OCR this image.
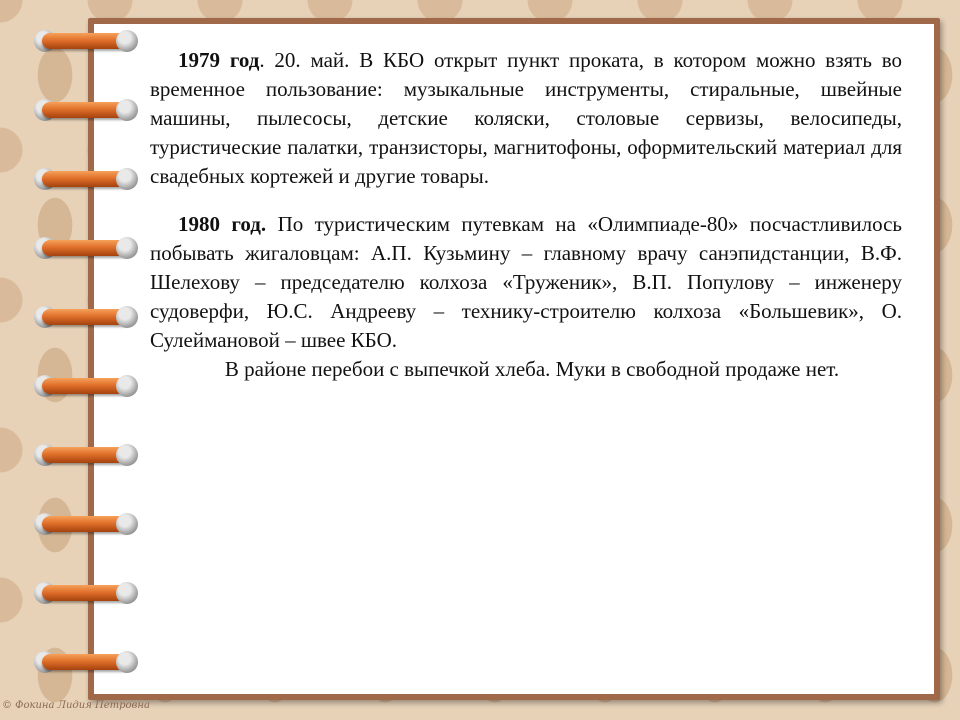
1979 год. 20. май. В КБО открыт пункт проката, в котором можно взять во временное пользование: музыкальные инструменты, стиральные, швейные машины, пылесосы, детские коляски, столовые сервизы, велосипеды, туристические палатки, транзисторы, магнитофоны, оформительский материал для свадебных кортежей и другие товары.

1980 год. По туристическим путевкам на «Олимпиаде-80» посчастливилось побывать жигаловцам: А.П. Кузьмину – главному врачу санэпидстанции, В.Ф. Шелехову – председателю колхоза «Труженик», В.П. Популову – инженеру судоверфи, Ю.С. Андрееву – технику-строителю колхоза «Большевик», О. Сулеймановой – швее КБО.

В районе перебои с выпечкой хлеба. Муки в свободной продаже нет.

© Фокина Лидия Петровна
